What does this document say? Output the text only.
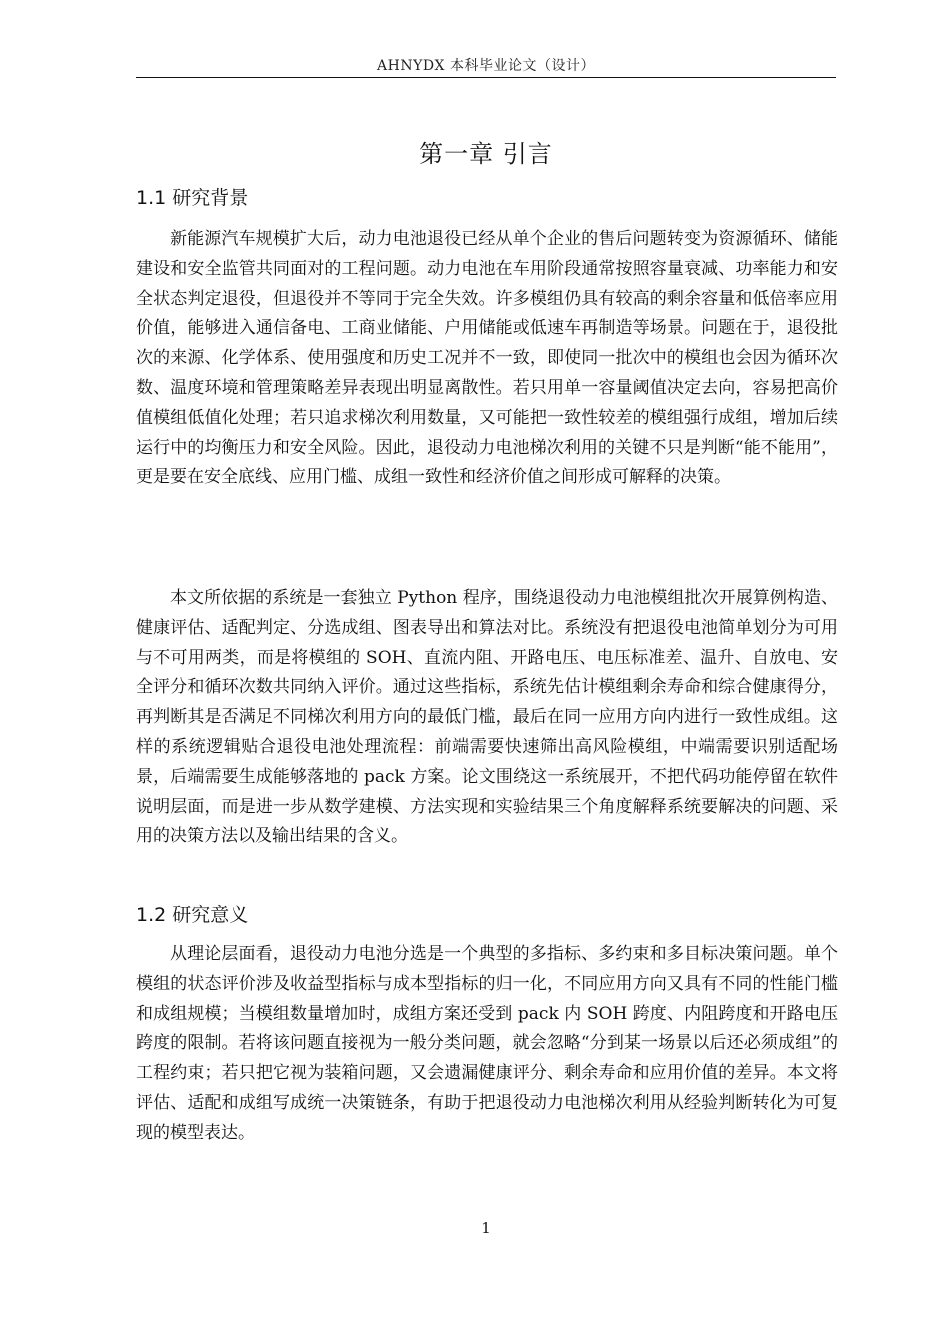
AHNYDX 本科毕业论文（设计）
第一章 引言
1.1 研究背景

新能源汽车规模扩大后，动力电池退役已经从单个企业的售后问题转变为资源循环、储能建设和安全监管共同面对的工程问题。动力电池在车用阶段通常按照容量衰减、功率能力和安全状态判定退役，但退役并不等同于完全失效。许多模组仍具有较高的剩余容量和低倍率应用价值，能够进入通信备电、工商业储能、户用储能或低速车再制造等场景。问题在于，退役批次的来源、化学体系、使用强度和历史工况并不一致，即使同一批次中的模组也会因为循环次数、温度环境和管理策略差异表现出明显离散性。若只用单一容量阈值决定去向，容易把高价值模组低值化处理；若只追求梯次利用数量，又可能把一致性较差的模组强行成组，增加后续运行中的均衡压力和安全风险。因此，退役动力电池梯次利用的关键不只是判断“能不能用”，更是要在安全底线、应用门槛、成组一致性和经济价值之间形成可解释的决策。

本文所依据的系统是一套独立 Python 程序，围绕退役动力电池模组批次开展算例构造、健康评估、适配判定、分选成组、图表导出和算法对比。系统没有把退役电池简单划分为可用与不可用两类，而是将模组的 SOH、直流内阻、开路电压、电压标准差、温升、自放电、安全评分和循环次数共同纳入评价。通过这些指标，系统先估计模组剩余寿命和综合健康得分，再判断其是否满足不同梯次利用方向的最低门槛，最后在同一应用方向内进行一致性成组。这样的系统逻辑贴合退役电池处理流程：前端需要快速筛出高风险模组，中端需要识别适配场景，后端需要生成能够落地的 pack 方案。论文围绕这一系统展开，不把代码功能停留在软件说明层面，而是进一步从数学建模、方法实现和实验结果三个角度解释系统要解决的问题、采用的决策方法以及输出结果的含义。

1.2 研究意义

从理论层面看，退役动力电池分选是一个典型的多指标、多约束和多目标决策问题。单个模组的状态评价涉及收益型指标与成本型指标的归一化，不同应用方向又具有不同的性能门槛和成组规模；当模组数量增加时，成组方案还受到 pack 内 SOH 跨度、内阻跨度和开路电压跨度的限制。若将该问题直接视为一般分类问题，就会忽略“分到某一场景以后还必须成组”的工程约束；若只把它视为装箱问题，又会遗漏健康评分、剩余寿命和应用价值的差异。本文将评估、适配和成组写成统一决策链条，有助于把退役动力电池梯次利用从经验判断转化为可复现的模型表达。

1
